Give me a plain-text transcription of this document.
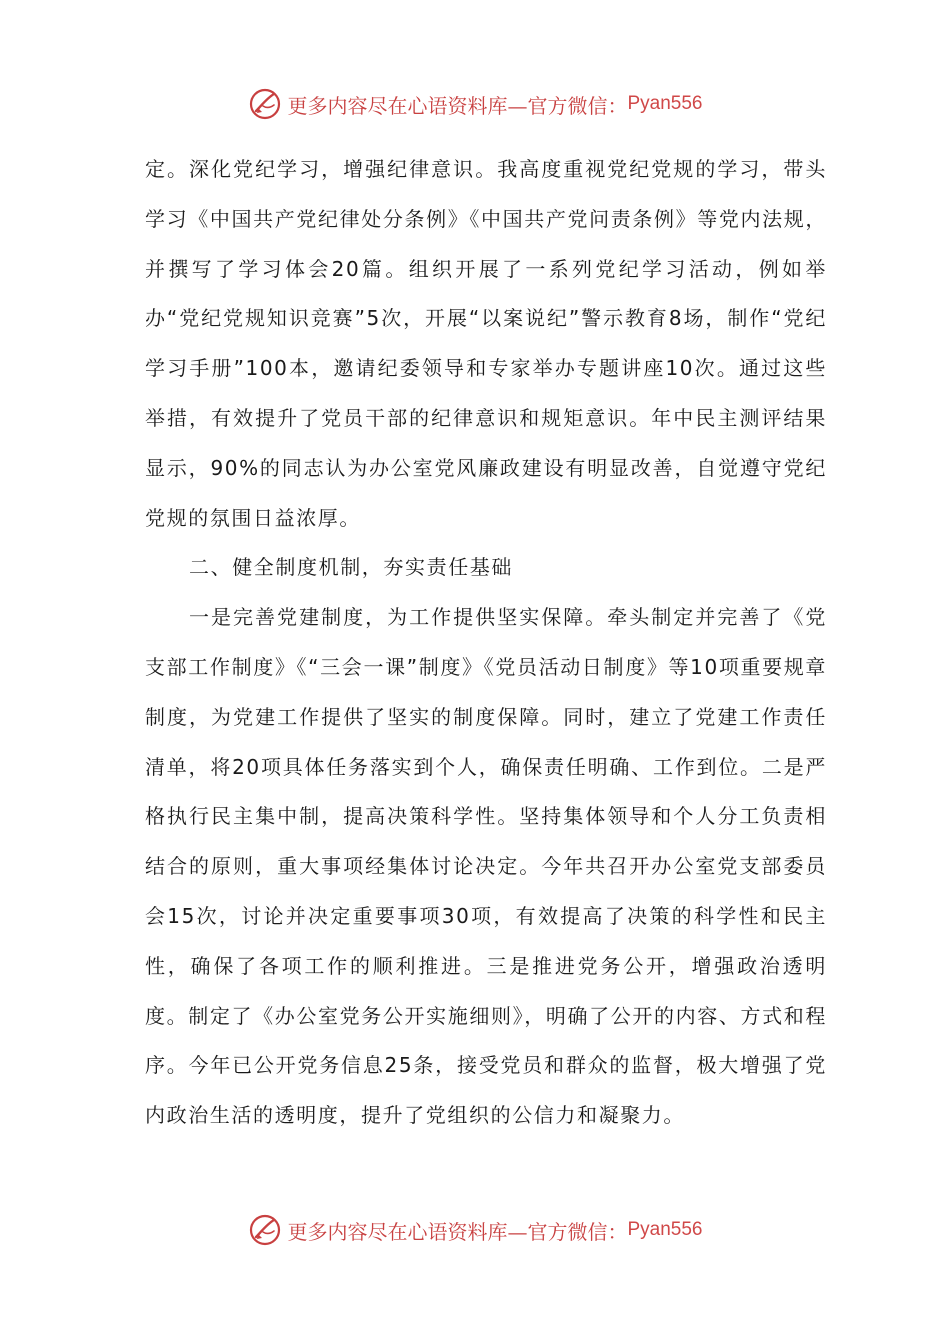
更多内容尽在心语资料库—官方微信： Pyan556

定。深化党纪学习，增强纪律意识。我高度重视党纪党规的学习，带头学习《中国共产党纪律处分条例》《中国共产党问责条例》等党内法规，并撰写了学习体会20篇。组织开展了一系列党纪学习活动，例如举办“党纪党规知识竞赛”5次，开展“以案说纪”警示教育8场，制作“党纪学习手册”100本，邀请纪委领导和专家举办专题讲座10次。通过这些举措，有效提升了党员干部的纪律意识和规矩意识。年中民主测评结果显示，90%的同志认为办公室党风廉政建设有明显改善，自觉遵守党纪党规的氛围日益浓厚。

二、健全制度机制，夯实责任基础

一是完善党建制度，为工作提供坚实保障。牵头制定并完善了《党支部工作制度》《“三会一课”制度》《党员活动日制度》等10项重要规章制度，为党建工作提供了坚实的制度保障。同时，建立了党建工作责任清单，将20项具体任务落实到个人，确保责任明确、工作到位。二是严格执行民主集中制，提高决策科学性。坚持集体领导和个人分工负责相结合的原则，重大事项经集体讨论决定。今年共召开办公室党支部委员会15次，讨论并决定重要事项30项，有效提高了决策的科学性和民主性，确保了各项工作的顺利推进。三是推进党务公开，增强政治透明度。制定了《办公室党务公开实施细则》，明确了公开的内容、方式和程序。今年已公开党务信息25条，接受党员和群众的监督，极大增强了党内政治生活的透明度，提升了党组织的公信力和凝聚力。

更多内容尽在心语资料库—官方微信： Pyan556
